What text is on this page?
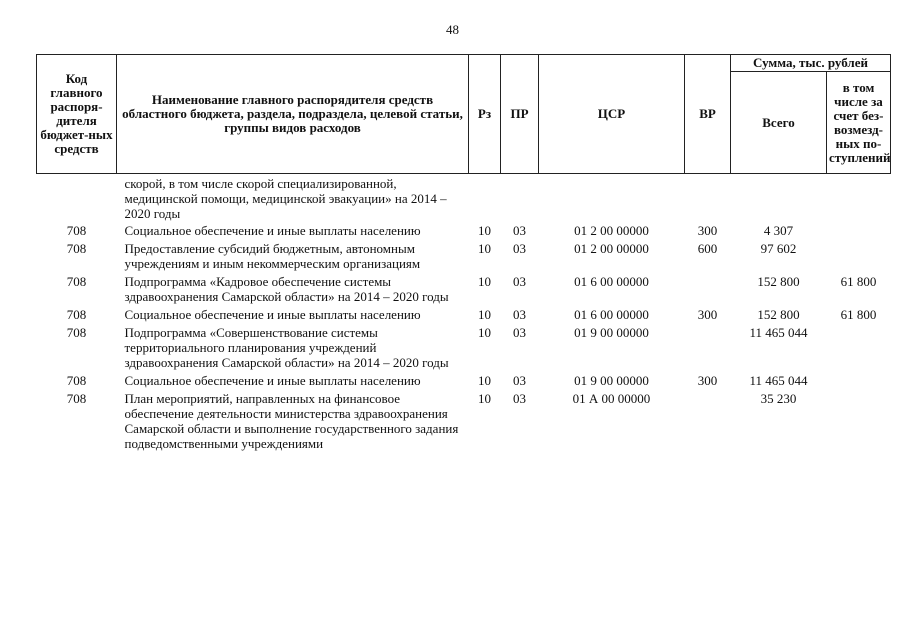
48
Код главного распоря-дителя бюджет-ных средств	Наименование главного распорядителя средств областного бюджета, раздела, подраздела, целевой статьи, группы видов расходов	Рз	ПР	ЦСР	ВР	Сумма, тыс. рублей	
						Всего	в том числе за счет без-возмезд-ных по-ступлений
	скорой, в том числе скорой специализированной, медицинской помощи, медицинской эвакуации» на 2014 – 2020 годы						
708	Социальное обеспечение и иные выплаты населению	10	03	01 2 00 00000	300	4 307	
708	Предоставление субсидий бюджетным, автономным учреждениям и иным некоммерческим организациям	10	03	01 2 00 00000	600	97 602	
708	Подпрограмма «Кадровое обеспечение системы здравоохранения Самарской области» на 2014 – 2020 годы	10	03	01 6 00 00000		152 800	61 800
708	Социальное обеспечение и иные выплаты населению	10	03	01 6 00 00000	300	152 800	61 800
708	Подпрограмма «Совершенствование системы территориального планирования учреждений здравоохранения Самарской области» на 2014 – 2020 годы	10	03	01 9 00 00000		11 465 044	
708	Социальное обеспечение и иные выплаты населению	10	03	01 9 00 00000	300	11 465 044	
708	План мероприятий, направленных на финансовое обеспечение деятельности министерства здравоохранения Самарской области и выполнение государственного задания подведомственными учреждениями	10	03	01 А 00 00000		35 230	
